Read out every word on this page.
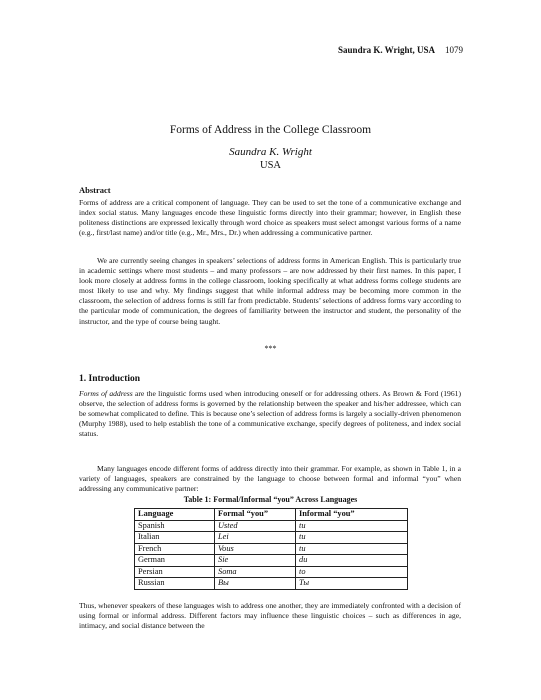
Saundra K. Wright, USA 1079
Forms of Address in the College Classroom
Saundra K. Wright
USA
Abstract
Forms of address are a critical component of language. They can be used to set the tone of a communicative exchange and index social status. Many languages encode these linguistic forms directly into their grammar; however, in English these politeness distinctions are expressed lexically through word choice as speakers must select amongst various forms of a name (e.g., first/last name) and/or title (e.g., Mr., Mrs., Dr.) when addressing a communicative partner.
We are currently seeing changes in speakers’ selections of address forms in American English. This is particularly true in academic settings where most students – and many professors – are now addressed by their first names. In this paper, I look more closely at address forms in the college classroom, looking specifically at what address forms college students are most likely to use and why. My findings suggest that while informal address may be becoming more common in the classroom, the selection of address forms is still far from predictable. Students’ selections of address forms vary according to the particular mode of communication, the degrees of familiarity between the instructor and student, the personality of the instructor, and the type of course being taught.
***
1. Introduction
Forms of address are the linguistic forms used when introducing oneself or for addressing others. As Brown & Ford (1961) observe, the selection of address forms is governed by the relationship between the speaker and his/her addressee, which can be somewhat complicated to define. This is because one’s selection of address forms is largely a socially-driven phenomenon (Murphy 1988), used to help establish the tone of a communicative exchange, specify degrees of politeness, and index social status.
Many languages encode different forms of address directly into their grammar. For example, as shown in Table 1, in a variety of languages, speakers are constrained by the language to choose between formal and informal “you” when addressing any communicative partner:
Table 1: Formal/Informal “you” Across Languages
Language	Formal “you”	Informal “you”
Spanish	Usted	tu
Italian	Lei	tu
French	Vous	tu
German	Sie	du
Persian	Soma	to
Russian	Вы	Ты
Thus, whenever speakers of these languages wish to address one another, they are immediately confronted with a decision of using formal or informal address. Different factors may influence these linguistic choices – such as differences in age, intimacy, and social distance between the
